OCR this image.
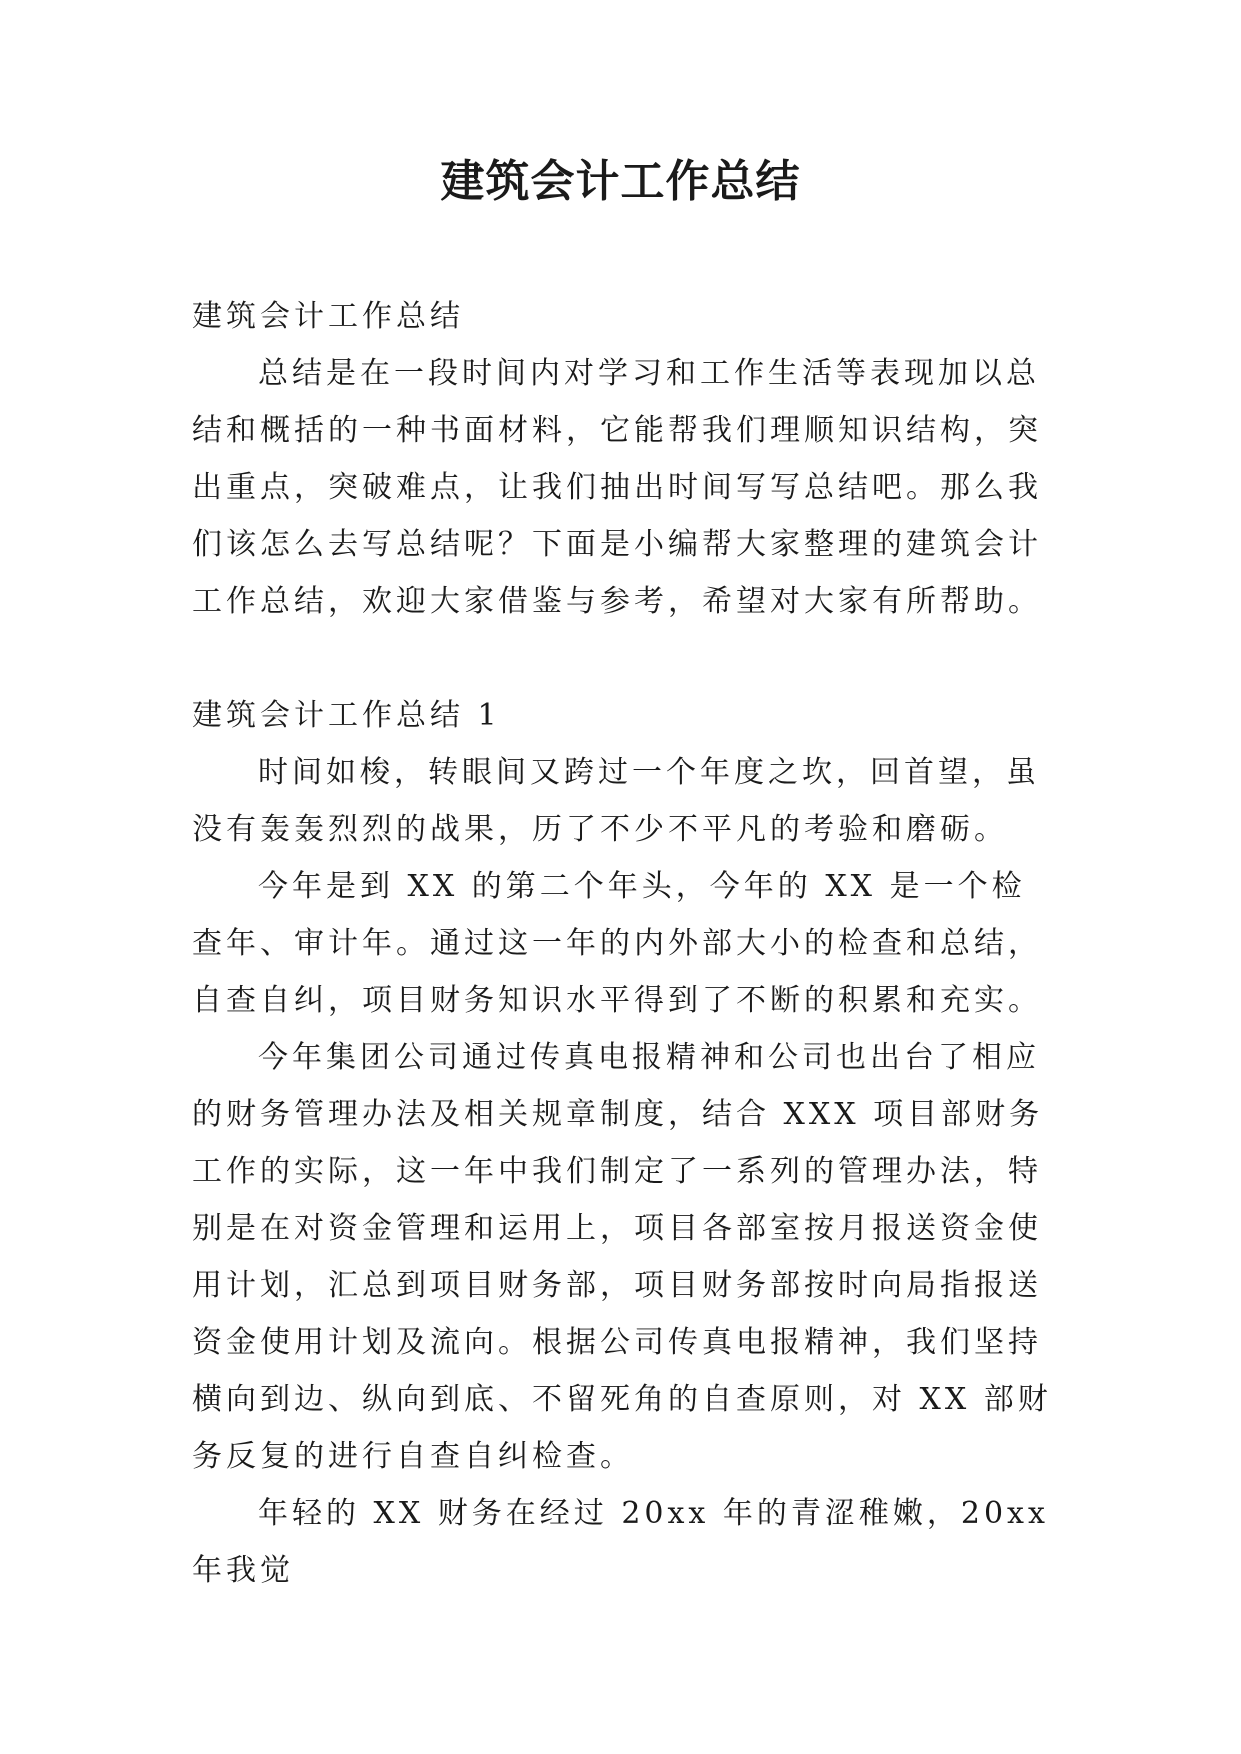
建筑会计工作总结

建筑会计工作总结

总结是在一段时间内对学习和工作生活等表现加以总结和概括的一种书面材料，它能帮我们理顺知识结构，突出重点，突破难点，让我们抽出时间写写总结吧。那么我们该怎么去写总结呢？下面是小编帮大家整理的建筑会计工作总结，欢迎大家借鉴与参考，希望对大家有所帮助。

建筑会计工作总结 1

时间如梭，转眼间又跨过一个年度之坎，回首望，虽没有轰轰烈烈的战果，历了不少不平凡的考验和磨砺。

今年是到 XX 的第二个年头，今年的 XX 是一个检查年、审计年。通过这一年的内外部大小的检查和总结，自查自纠，项目财务知识水平得到了不断的积累和充实。

今年集团公司通过传真电报精神和公司也出台了相应的财务管理办法及相关规章制度，结合 XXX 项目部财务工作的实际，这一年中我们制定了一系列的管理办法，特别是在对资金管理和运用上，项目各部室按月报送资金使用计划，汇总到项目财务部，项目财务部按时向局指报送资金使用计划及流向。根据公司传真电报精神，我们坚持横向到边、纵向到底、不留死角的自查原则，对 XX 部财务反复的进行自查自纠检查。

年轻的 XX 财务在经过 20xx 年的青涩稚嫩，20xx 年我觉
